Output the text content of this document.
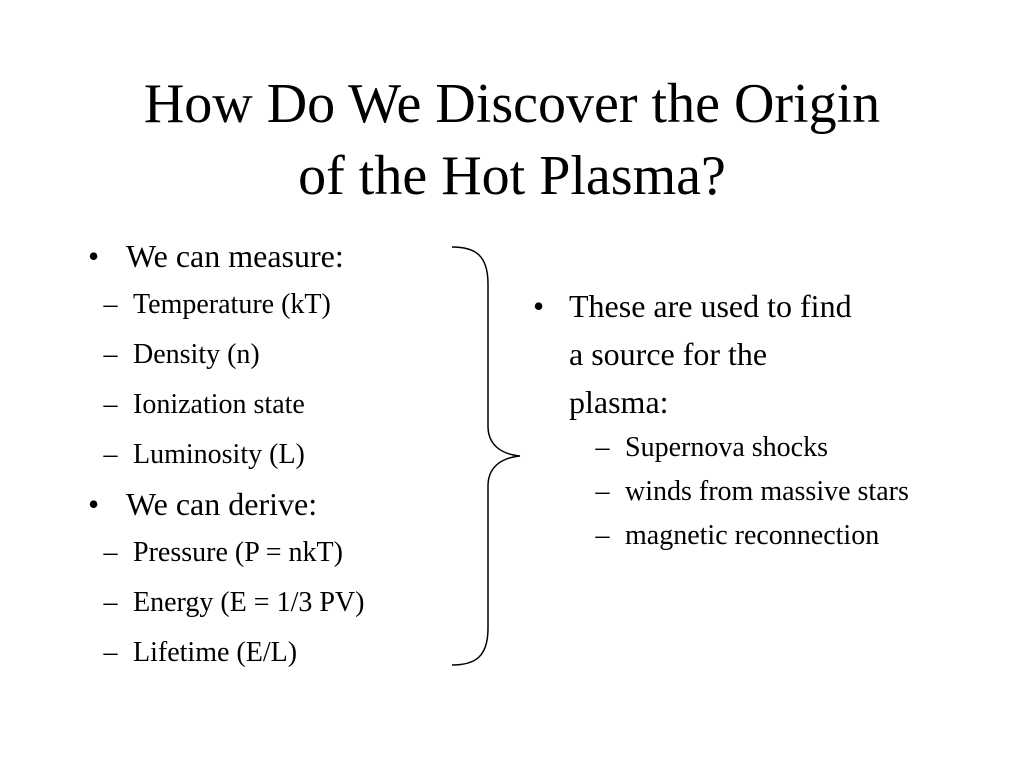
How Do We Discover the Origin
of the Hot Plasma?
• We can measure:
– Temperature (kT)
– Density (n)
– Ionization state
– Luminosity (L)
• We can derive:
– Pressure (P = nkT)
– Energy (E = 1/3 PV)
– Lifetime (E/L)
• These are used to find
a source for the
plasma:
– Supernova shocks
– winds from massive stars
– magnetic reconnection
